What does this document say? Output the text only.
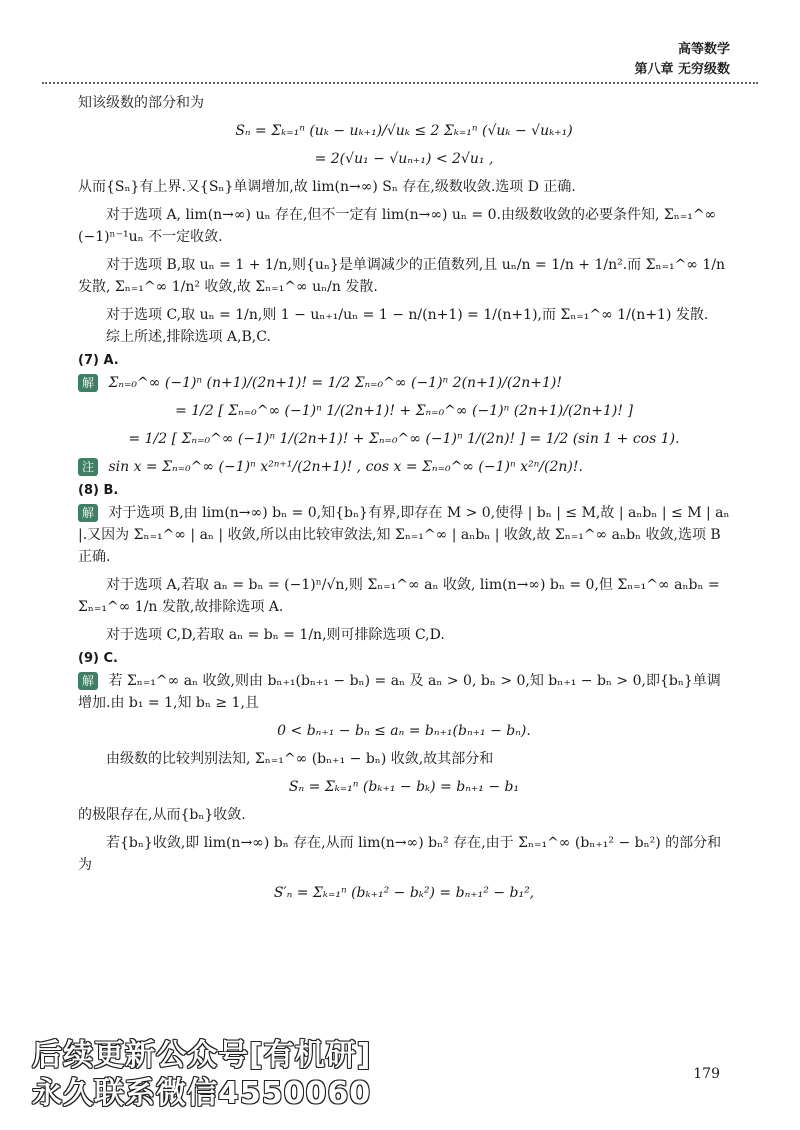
高等数学
第八章 无穷级数

知该级数的部分和为

Sₙ = Σₖ₌₁ⁿ (uₖ − uₖ₊₁)/√uₖ ≤ 2 Σₖ₌₁ⁿ (√uₖ − √uₖ₊₁)

= 2(√u₁ − √uₙ₊₁) < 2√u₁ ,

从而{Sₙ}有上界.又{Sₙ}单调增加,故 lim(n→∞) Sₙ 存在,级数收敛.选项 D 正确.

对于选项 A, lim(n→∞) uₙ 存在,但不一定有 lim(n→∞) uₙ = 0.由级数收敛的必要条件知, Σₙ₌₁^∞ (−1)ⁿ⁻¹uₙ 不一定收敛.

对于选项 B,取 uₙ = 1 + 1/n,则{uₙ}是单调减少的正值数列,且 uₙ/n = 1/n + 1/n².而 Σₙ₌₁^∞ 1/n 发散, Σₙ₌₁^∞ 1/n² 收敛,故 Σₙ₌₁^∞ uₙ/n 发散.

对于选项 C,取 uₙ = 1/n,则 1 − uₙ₊₁/uₙ = 1 − n/(n+1) = 1/(n+1),而 Σₙ₌₁^∞ 1/(n+1) 发散.

综上所述,排除选项 A,B,C.

(7) A.

解 Σₙ₌₀^∞ (−1)ⁿ (n+1)/(2n+1)! = 1/2 Σₙ₌₀^∞ (−1)ⁿ 2(n+1)/(2n+1)!

= 1/2 [ Σₙ₌₀^∞ (−1)ⁿ 1/(2n+1)! + Σₙ₌₀^∞ (−1)ⁿ (2n+1)/(2n+1)! ]

= 1/2 [ Σₙ₌₀^∞ (−1)ⁿ 1/(2n+1)! + Σₙ₌₀^∞ (−1)ⁿ 1/(2n)! ] = 1/2 (sin 1 + cos 1).

注 sin x = Σₙ₌₀^∞ (−1)ⁿ x²ⁿ⁺¹/(2n+1)! , cos x = Σₙ₌₀^∞ (−1)ⁿ x²ⁿ/(2n)!.

(8) B.

解 对于选项 B,由 lim(n→∞) bₙ = 0,知{bₙ}有界,即存在 M > 0,使得 | bₙ | ≤ M,故 | aₙbₙ | ≤ M | aₙ |.又因为 Σₙ₌₁^∞ | aₙ | 收敛,所以由比较审敛法,知 Σₙ₌₁^∞ | aₙbₙ | 收敛,故 Σₙ₌₁^∞ aₙbₙ 收敛,选项 B 正确.

对于选项 A,若取 aₙ = bₙ = (−1)ⁿ/√n,则 Σₙ₌₁^∞ aₙ 收敛, lim(n→∞) bₙ = 0,但 Σₙ₌₁^∞ aₙbₙ = Σₙ₌₁^∞ 1/n 发散,故排除选项 A.

对于选项 C,D,若取 aₙ = bₙ = 1/n,则可排除选项 C,D.

(9) C.

解 若 Σₙ₌₁^∞ aₙ 收敛,则由 bₙ₊₁(bₙ₊₁ − bₙ) = aₙ 及 aₙ > 0, bₙ > 0,知 bₙ₊₁ − bₙ > 0,即{bₙ}单调增加.由 b₁ = 1,知 bₙ ≥ 1,且

0 < bₙ₊₁ − bₙ ≤ aₙ = bₙ₊₁(bₙ₊₁ − bₙ).

由级数的比较判别法知, Σₙ₌₁^∞ (bₙ₊₁ − bₙ) 收敛,故其部分和

Sₙ = Σₖ₌₁ⁿ (bₖ₊₁ − bₖ) = bₙ₊₁ − b₁

的极限存在,从而{bₙ}收敛.

若{bₙ}收敛,即 lim(n→∞) bₙ 存在,从而 lim(n→∞) bₙ² 存在,由于 Σₙ₌₁^∞ (bₙ₊₁² − bₙ²) 的部分和为

S′ₙ = Σₖ₌₁ⁿ (bₖ₊₁² − bₖ²) = bₙ₊₁² − b₁²,

后续更新公众号[有机研]
永久联系微信4550060
179
